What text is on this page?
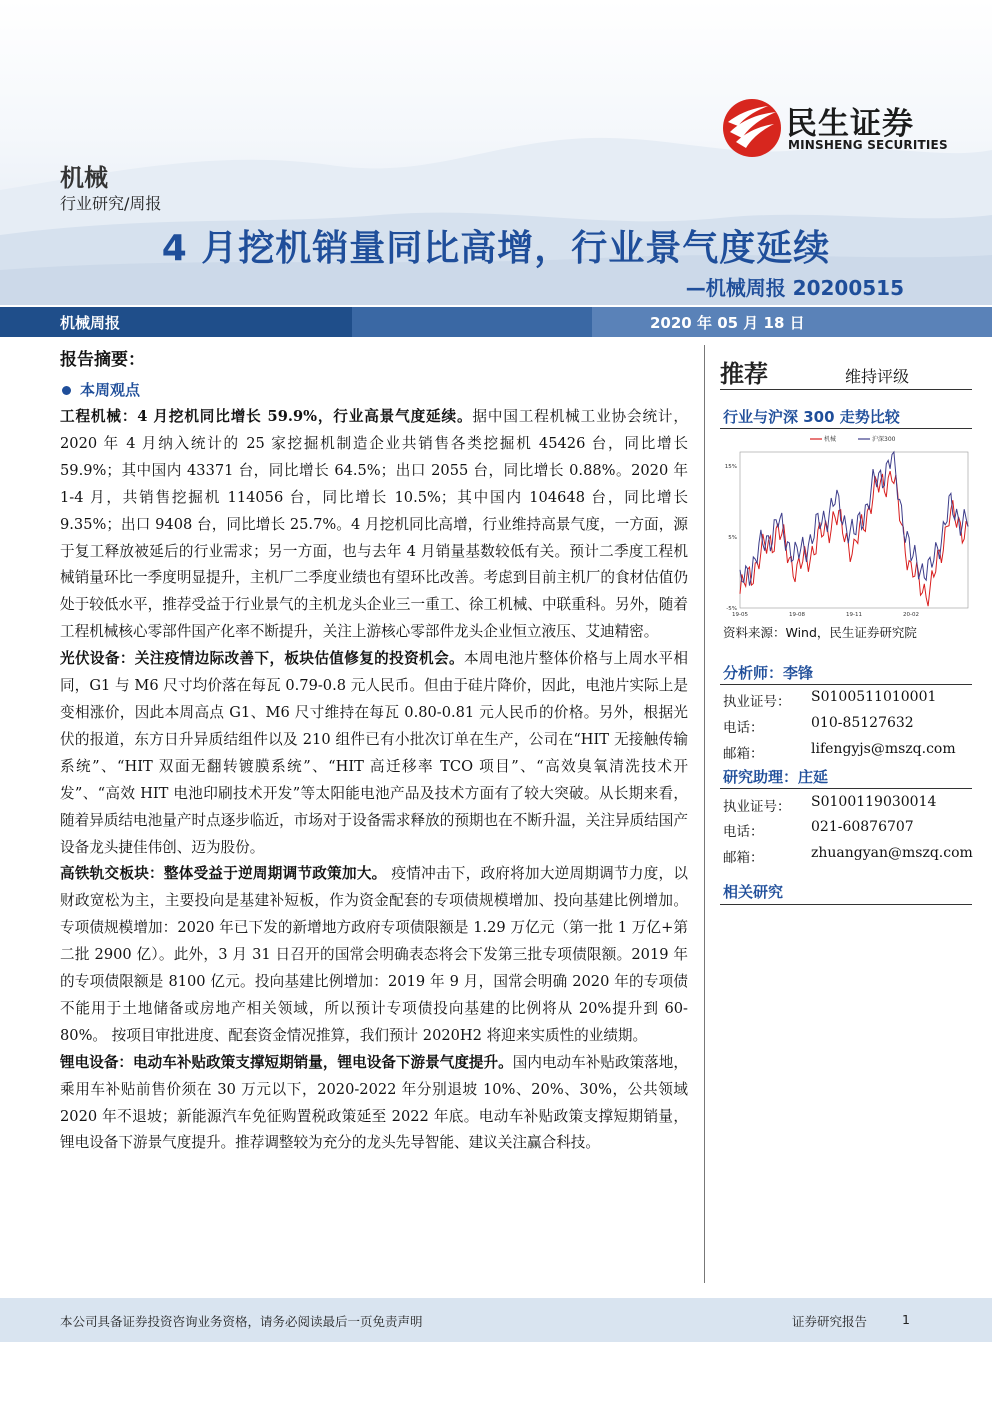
民生证券
MINSHENG SECURITIES
机械
行业研究/周报
4 月挖机销量同比高增，行业景气度延续
—机械周报 20200515
机械周报	2020 年 05 月 18 日
报告摘要：
本周观点

工程机械：4 月挖机同比增长 59.9%，行业高景气度延续。据中国工程机械工业协会统计，2020 年 4 月纳入统计的 25 家挖掘机制造企业共销售各类挖掘机 45426 台，同比增长 59.9%；其中国内 43371 台，同比增长 64.5%；出口 2055 台，同比增长 0.88%。2020 年 1-4 月，共销售挖掘机 114056 台，同比增长 10.5%；其中国内 104648 台，同比增长 9.35%；出口 9408 台，同比增长 25.7%。4 月挖机同比高增，行业维持高景气度，一方面，源于复工释放被延后的行业需求；另一方面，也与去年 4 月销量基数较低有关。预计二季度工程机械销量环比一季度明显提升，主机厂二季度业绩也有望环比改善。考虑到目前主机厂的食材估值仍处于较低水平，推荐受益于行业景气的主机龙头企业三一重工、徐工机械、中联重科。另外，随着工程机械核心零部件国产化率不断提升，关注上游核心零部件龙头企业恒立液压、艾迪精密。

光伏设备：关注疫情边际改善下，板块估值修复的投资机会。本周电池片整体价格与上周水平相同，G1 与 M6 尺寸均价落在每瓦 0.79-0.8 元人民币。但由于硅片降价，因此，电池片实际上是变相涨价，因此本周高点 G1、M6 尺寸维持在每瓦 0.80-0.81 元人民币的价格。另外，根据光伏的报道，东方日升异质结组件以及 210 组件已有小批次订单在生产，公司在“HIT 无接触传输系统”、“HIT 双面无翻转镀膜系统”、“HIT 高迁移率 TCO 项目”、“高效臭氧清洗技术开发”、“高效 HIT 电池印刷技术开发”等太阳能电池产品及技术方面有了较大突破。从长期来看，随着异质结电池量产时点逐步临近，市场对于设备需求释放的预期也在不断升温，关注异质结国产设备龙头捷佳伟创、迈为股份。

高铁轨交板块：整体受益于逆周期调节政策加大。 疫情冲击下，政府将加大逆周期调节力度，以财政宽松为主，主要投向是基建补短板，作为资金配套的专项债规模增加、投向基建比例增加。 专项债规模增加：2020 年已下发的新增地方政府专项债限额是 1.29 万亿元（第一批 1 万亿+第二批 2900 亿）。此外，3 月 31 日召开的国常会明确表态将会下发第三批专项债限额。2019 年的专项债限额是 8100 亿元。投向基建比例增加：2019 年 9 月，国常会明确 2020 年的专项债不能用于土地储备或房地产相关领域，所以预计专项债投向基建的比例将从 20%提升到 60-80%。 按项目审批进度、配套资金情况推算，我们预计 2020H2 将迎来实质性的业绩期。

锂电设备：电动车补贴政策支撑短期销量，锂电设备下游景气度提升。国内电动车补贴政策落地，乘用车补贴前售价须在 30 万元以下，2020-2022 年分别退坡 10%、20%、30%，公共领域 2020 年不退坡；新能源汽车免征购置税政策延至 2022 年底。电动车补贴政策支撑短期销量，锂电设备下游景气度提升。推荐调整较为充分的龙头先导智能、建议关注赢合科技。

推荐	维持评级
行业与沪深 300 走势比较
机械	沪深300
15%
5%
-5%
19-05	19-08	19-11	20-02
资料来源：Wind，民生证券研究院
分析师：李锋
执业证号： S0100511010001
电话：	010-85127632
邮箱：	lifengyjs@mszq.com
研究助理：庄延
执业证号： S0100119030014
电话：	021-60876707
邮箱：	zhuangyan@mszq.com
相关研究
本公司具备证券投资咨询业务资格，请务必阅读最后一页免责声明	证券研究报告	1
